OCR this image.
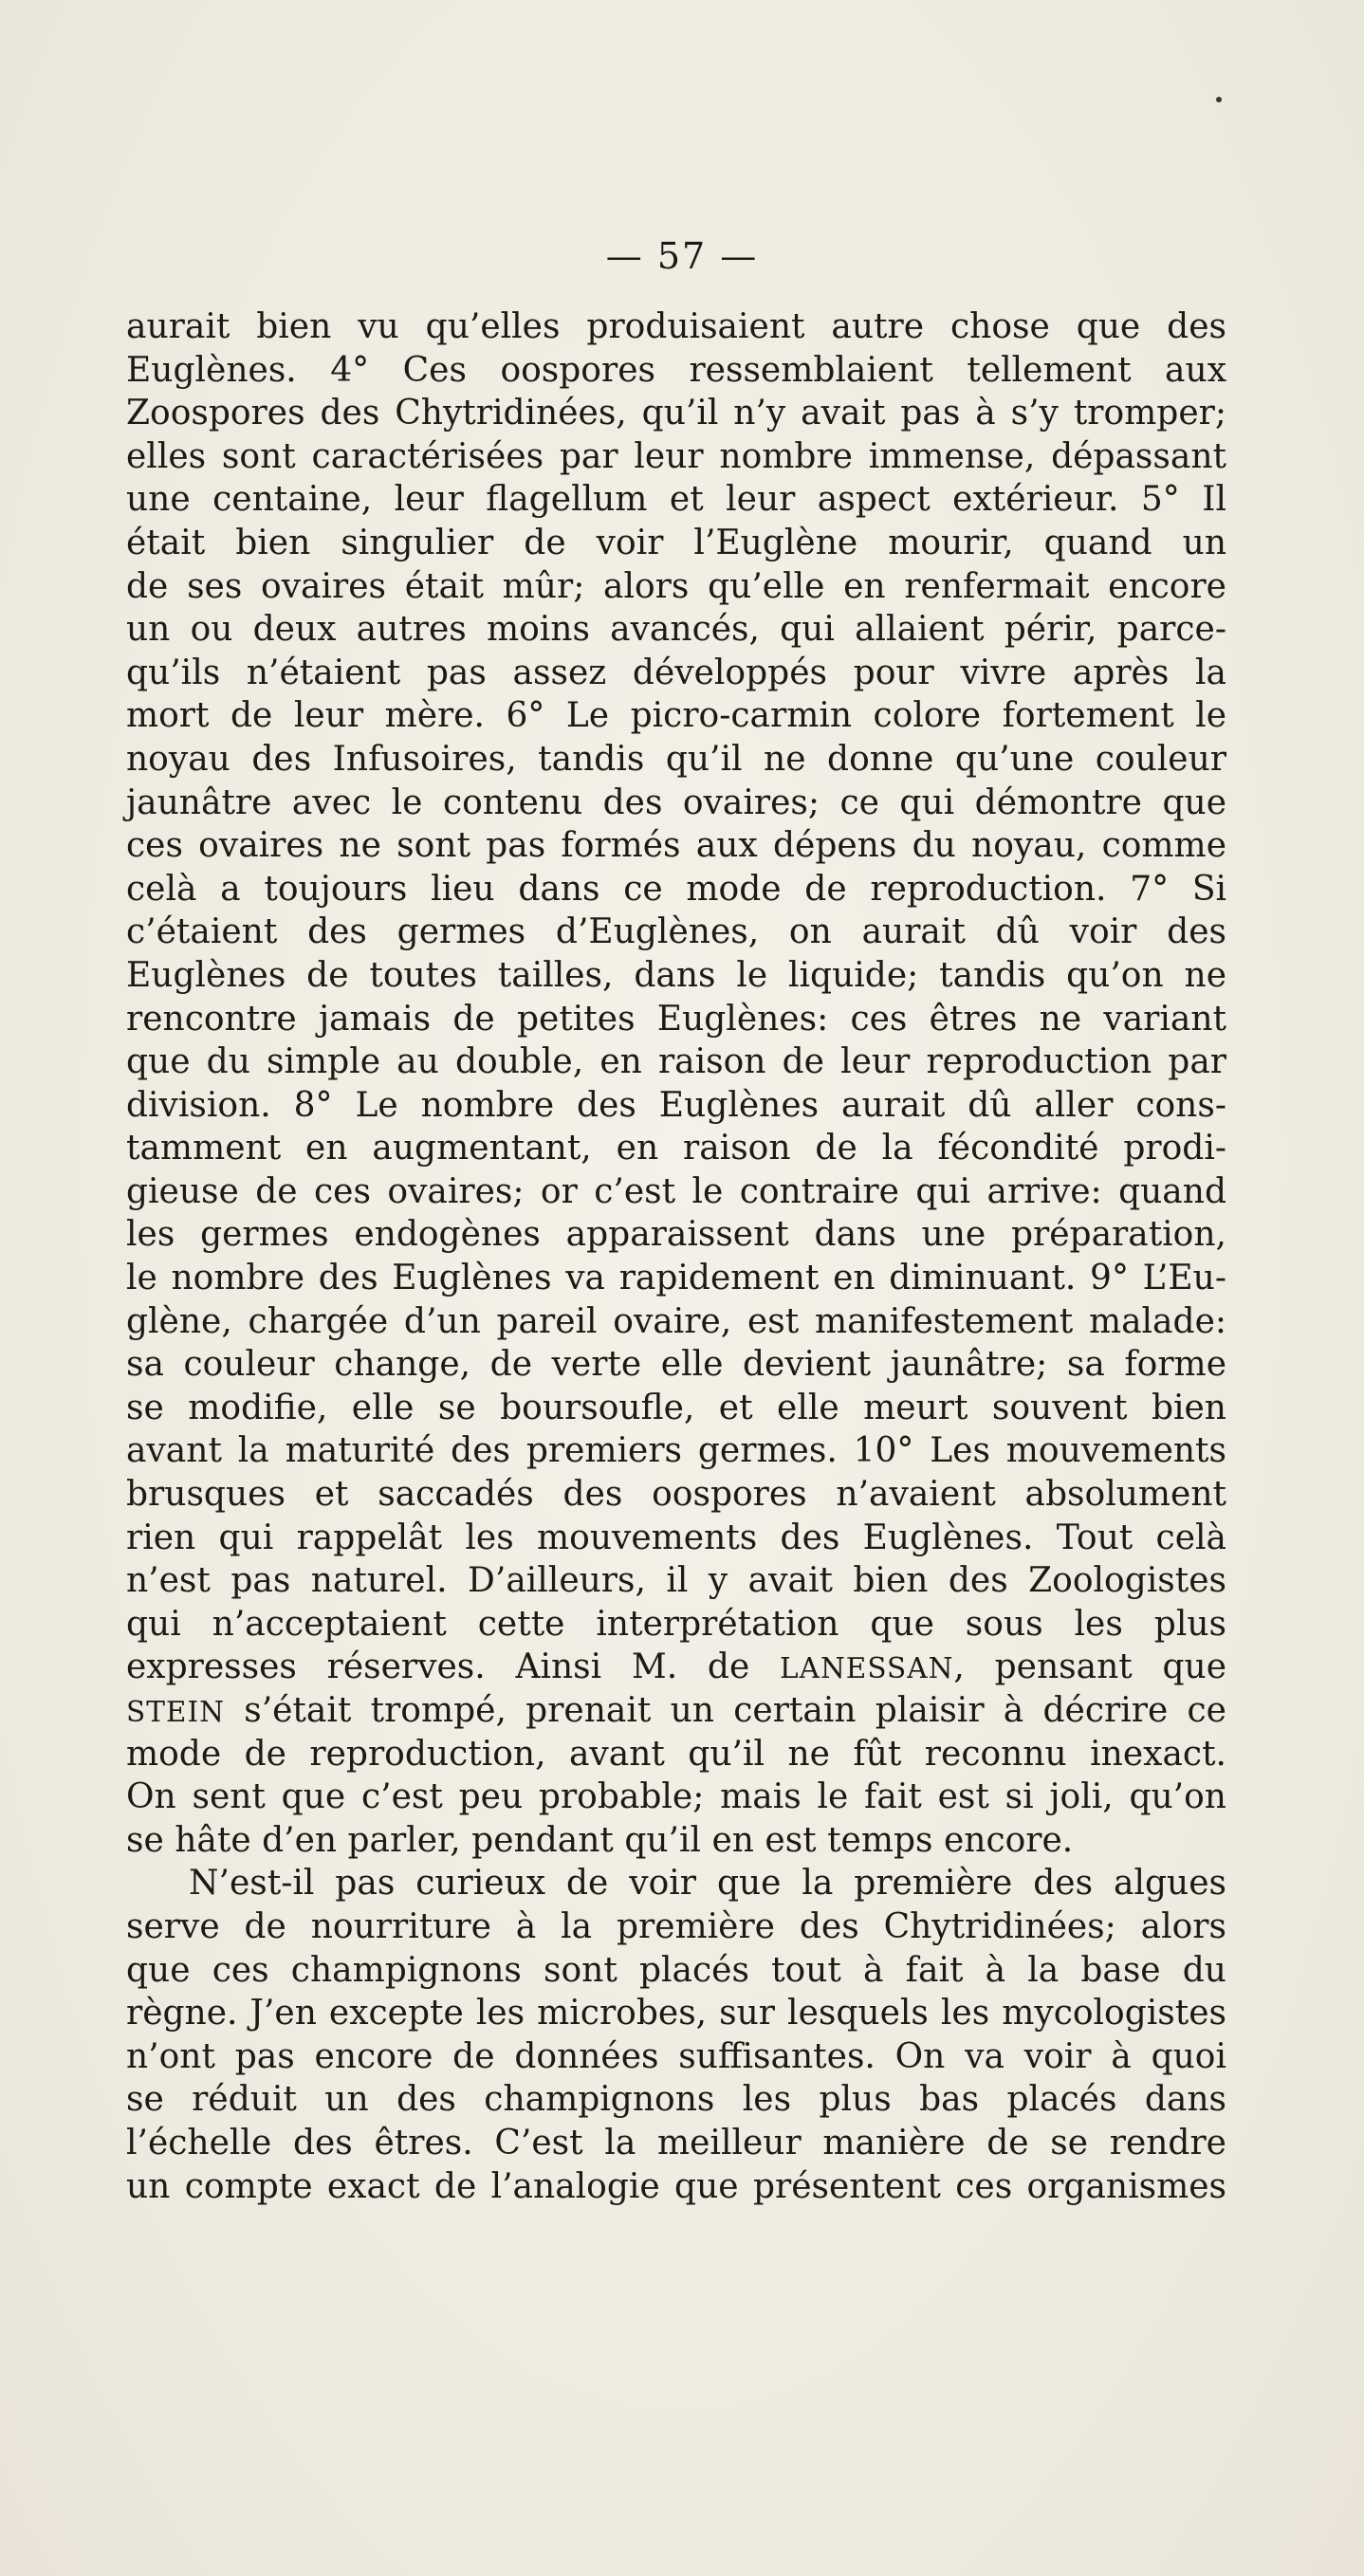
— 57 —
aurait bien vu qu’elles produisaient autre chose que des
Euglènes. 4° Ces oospores ressemblaient tellement aux
Zoospores des Chytridinées, qu’il n’y avait pas à s’y tromper;
elles sont caractérisées par leur nombre immense, dépassant
une centaine, leur flagellum et leur aspect extérieur. 5° Il
était bien singulier de voir l’Euglène mourir, quand un
de ses ovaires était mûr; alors qu’elle en renfermait encore
un ou deux autres moins avancés, qui allaient périr, parce-
qu’ils n’étaient pas assez développés pour vivre après la
mort de leur mère. 6° Le picro-carmin colore fortement le
noyau des Infusoires, tandis qu’il ne donne qu’une couleur
jaunâtre avec le contenu des ovaires; ce qui démontre que
ces ovaires ne sont pas formés aux dépens du noyau, comme
celà a toujours lieu dans ce mode de reproduction. 7° Si
c’étaient des germes d’Euglènes, on aurait dû voir des
Euglènes de toutes tailles, dans le liquide; tandis qu’on ne
rencontre jamais de petites Euglènes: ces êtres ne variant
que du simple au double, en raison de leur reproduction par
division. 8° Le nombre des Euglènes aurait dû aller cons-
tamment en augmentant, en raison de la fécondité prodi-
gieuse de ces ovaires; or c’est le contraire qui arrive: quand
les germes endogènes apparaissent dans une préparation,
le nombre des Euglènes va rapidement en diminuant. 9° L’Eu-
glène, chargée d’un pareil ovaire, est manifestement malade:
sa couleur change, de verte elle devient jaunâtre; sa forme
se modifie, elle se boursoufle, et elle meurt souvent bien
avant la maturité des premiers germes. 10° Les mouvements
brusques et saccadés des oospores n’avaient absolument
rien qui rappelât les mouvements des Euglènes. Tout celà
n’est pas naturel. D’ailleurs, il y avait bien des Zoologistes
qui n’acceptaient cette interprétation que sous les plus
expresses réserves. Ainsi M. de LANESSAN, pensant que
STEIN s’était trompé, prenait un certain plaisir à décrire ce
mode de reproduction, avant qu’il ne fût reconnu inexact.
On sent que c’est peu probable; mais le fait est si joli, qu’on
se hâte d’en parler, pendant qu’il en est temps encore.
N’est-il pas curieux de voir que la première des algues
serve de nourriture à la première des Chytridinées; alors
que ces champignons sont placés tout à fait à la base du
règne. J’en excepte les microbes, sur lesquels les mycologistes
n’ont pas encore de données suffisantes. On va voir à quoi
se réduit un des champignons les plus bas placés dans
l’échelle des êtres. C’est la meilleur manière de se rendre
un compte exact de l’analogie que présentent ces organismes
